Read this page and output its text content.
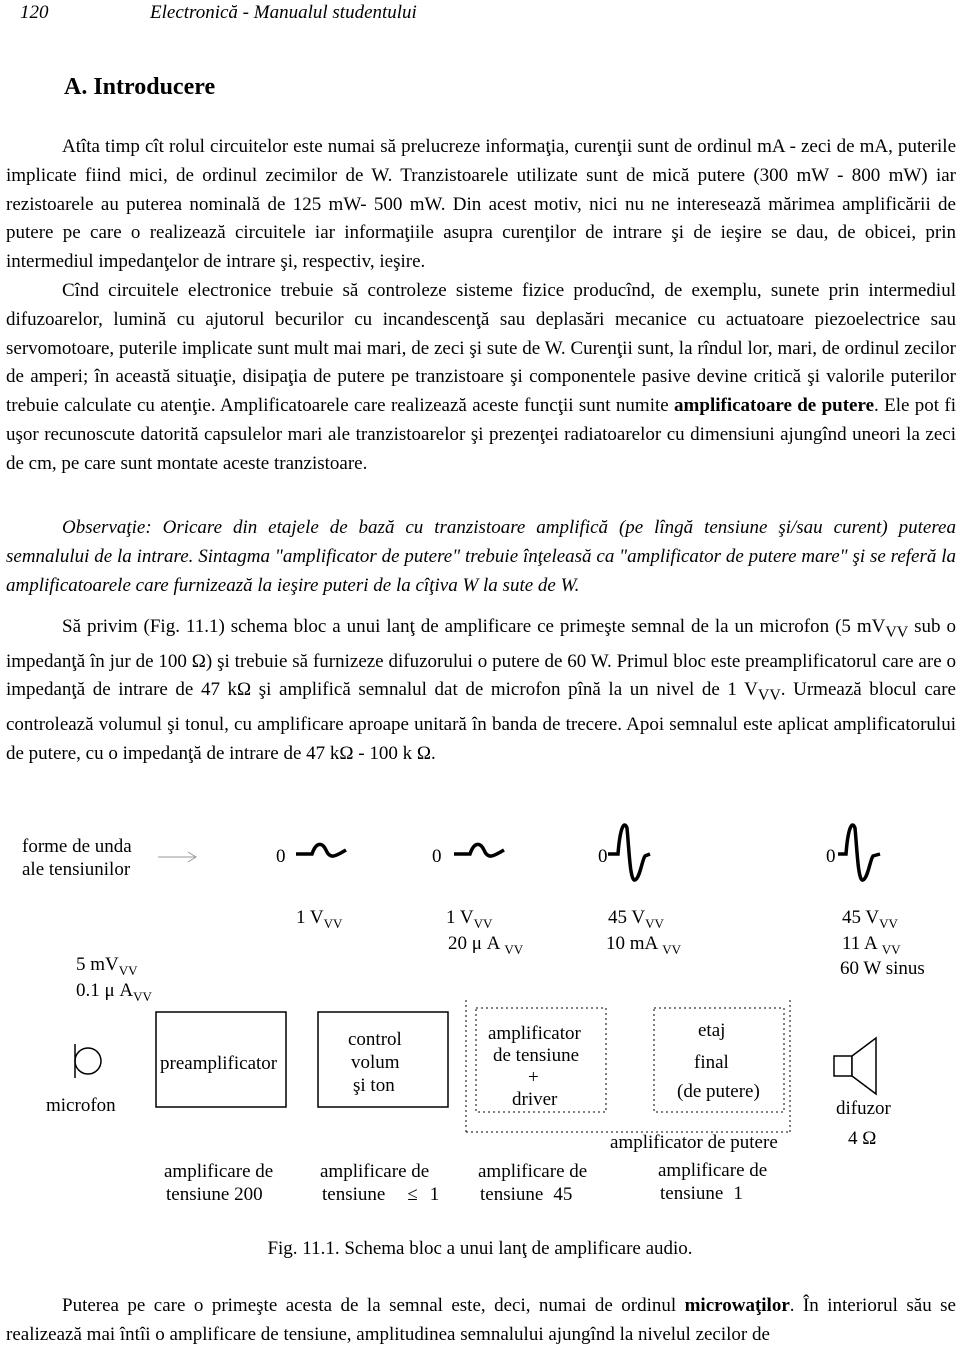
120	Electronică - Manualul studentului
A. Introducere

Atîta timp cît rolul circuitelor este numai să prelucreze informaţia, curenţii sunt de ordinul mA - zeci de mA, puterile implicate fiind mici, de ordinul zecimilor de W. Tranzistoarele utilizate sunt de mică putere (300 mW - 800 mW) iar rezistoarele au puterea nominală de 125 mW- 500 mW. Din acest motiv, nici nu ne interesează mărimea amplificării de putere pe care o realizează circuitele iar informaţiile asupra curenţilor de intrare şi de ieşire se dau, de obicei, prin intermediul impedanţelor de intrare şi, respectiv, ieşire.

Cînd circuitele electronice trebuie să controleze sisteme fizice producînd, de exemplu, sunete prin intermediul difuzoarelor, lumină cu ajutorul becurilor cu incandescenţă sau deplasări mecanice cu actuatoare piezoelectrice sau servomotoare, puterile implicate sunt mult mai mari, de zeci şi sute de W. Curenţii sunt, la rîndul lor, mari, de ordinul zecilor de amperi; în această situaţie, disipaţia de putere pe tranzistoare şi componentele pasive devine critică şi valorile puterilor trebuie calculate cu atenţie. Amplificatoarele care realizează aceste funcţii sunt numite amplificatoare de putere. Ele pot fi uşor recunoscute datorită capsulelor mari ale tranzistoarelor şi prezenţei radiatoarelor cu dimensiuni ajungînd uneori la zeci de cm, pe care sunt montate aceste tranzistoare.

Observaţie: Oricare din etajele de bază cu tranzistoare amplifică (pe lîngă tensiune şi/sau curent) puterea semnalului de la intrare. Sintagma "amplificator de putere" trebuie înţeleasă ca "amplificator de putere mare" şi se referă la amplificatoarele care furnizează la ieşire puteri de la cîţiva W la sute de W.

Să privim (Fig. 11.1) schema bloc a unui lanţ de amplificare ce primeşte semnal de la un microfon (5 $mV_{VV}$ sub o impedanţă în jur de 100 Ω) şi trebuie să furnizeze difuzorului o putere de 60 W. Primul bloc este preamplificatorul care are o impedanţă de intrare de 47 kΩ şi amplifică semnalul dat de microfon pînă la un nivel de 1 $V_{VV}$. Urmează blocul care controlează volumul şi tonul, cu amplificare aproape unitară în banda de trecere. Apoi semnalul este aplicat amplificatorului de putere, cu o impedanţă de intrare de 47 kΩ - 100 k Ω.

forme de unda
ale tensiunilor
0	0	0	0
5 $mV_{VV}$
0.1 μ $A_{VV}$
1 $V_{VV}$	1 $V_{VV}$
20 μ A $_{VV}$
45 $V_{VV}$
10 mA $_{VV}$
45 $V_{VV}$
11 A $_{VV}$
60 W sinus
microfon
preamplificator
control
volum
şi ton
amplificator
de tensiune
+
driver
etaj
final
(de putere)
amplificator de putere
difuzor
4 Ω
amplificare de
tensiune 200
amplificare de
tensiune ≤ 1
amplificare de
tensiune 45
amplificare de
tensiune 1
Fig. 11.1. Schema bloc a unui lanţ de amplificare audio.

Puterea pe care o primeşte acesta de la semnal este, deci, numai de ordinul microwaţilor. În interiorul său se realizează mai întîi o amplificare de tensiune, amplitudinea semnalului ajungînd la nivelul zecilor de
